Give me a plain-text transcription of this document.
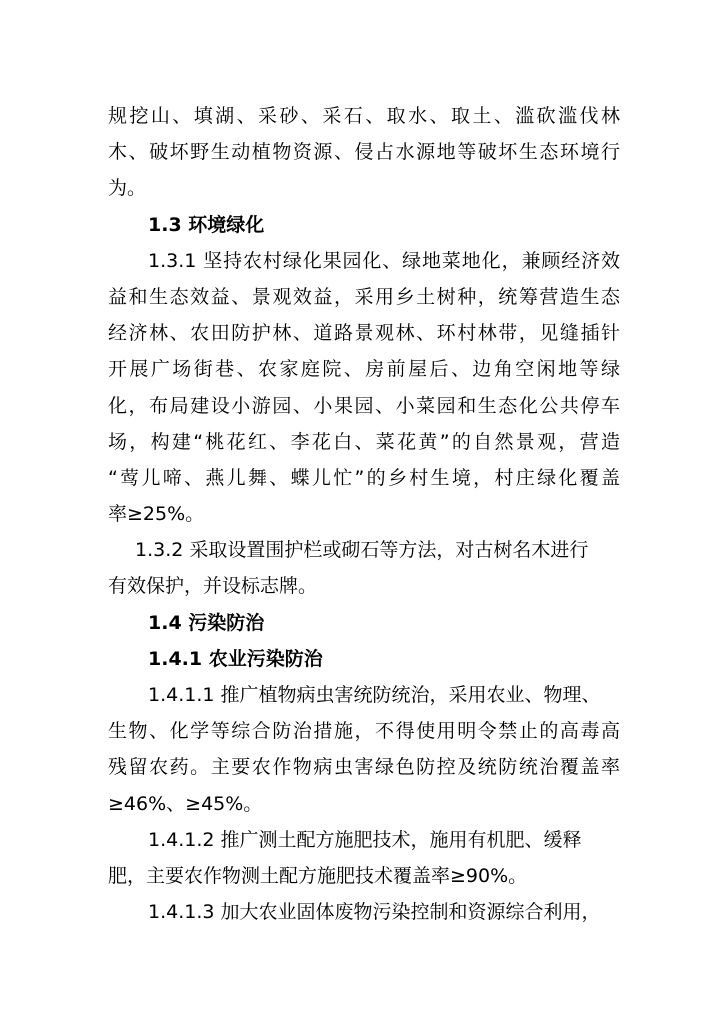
规挖山、填湖、采砂、采石、取水、取土、滥砍滥伐林
木、破坏野生动植物资源、侵占水源地等破坏生态环境行
为。
1.3 环境绿化
1.3.1 坚持农村绿化果园化、绿地菜地化，兼顾经济效
益和生态效益、景观效益，采用乡土树种，统筹营造生态
经济林、农田防护林、道路景观林、环村林带，见缝插针
开展广场街巷、农家庭院、房前屋后、边角空闲地等绿
化，布局建设小游园、小果园、小菜园和生态化公共停车
场，构建“桃花红、李花白、菜花黄”的自然景观，营造
“莺儿啼、燕儿舞、蝶儿忙”的乡村生境，村庄绿化覆盖
率≥25%。
1.3.2 采取设置围护栏或砌石等方法，对古树名木进行
有效保护，并设标志牌。
1.4 污染防治
1.4.1 农业污染防治
1.4.1.1 推广植物病虫害统防统治，采用农业、物理、
生物、化学等综合防治措施，不得使用明令禁止的高毒高
残留农药。主要农作物病虫害绿色防控及统防统治覆盖率
≥46%、≥45%。
1.4.1.2 推广测土配方施肥技术，施用有机肥、缓释
肥，主要农作物测土配方施肥技术覆盖率≥90%。
1.4.1.3 加大农业固体废物污染控制和资源综合利用，
